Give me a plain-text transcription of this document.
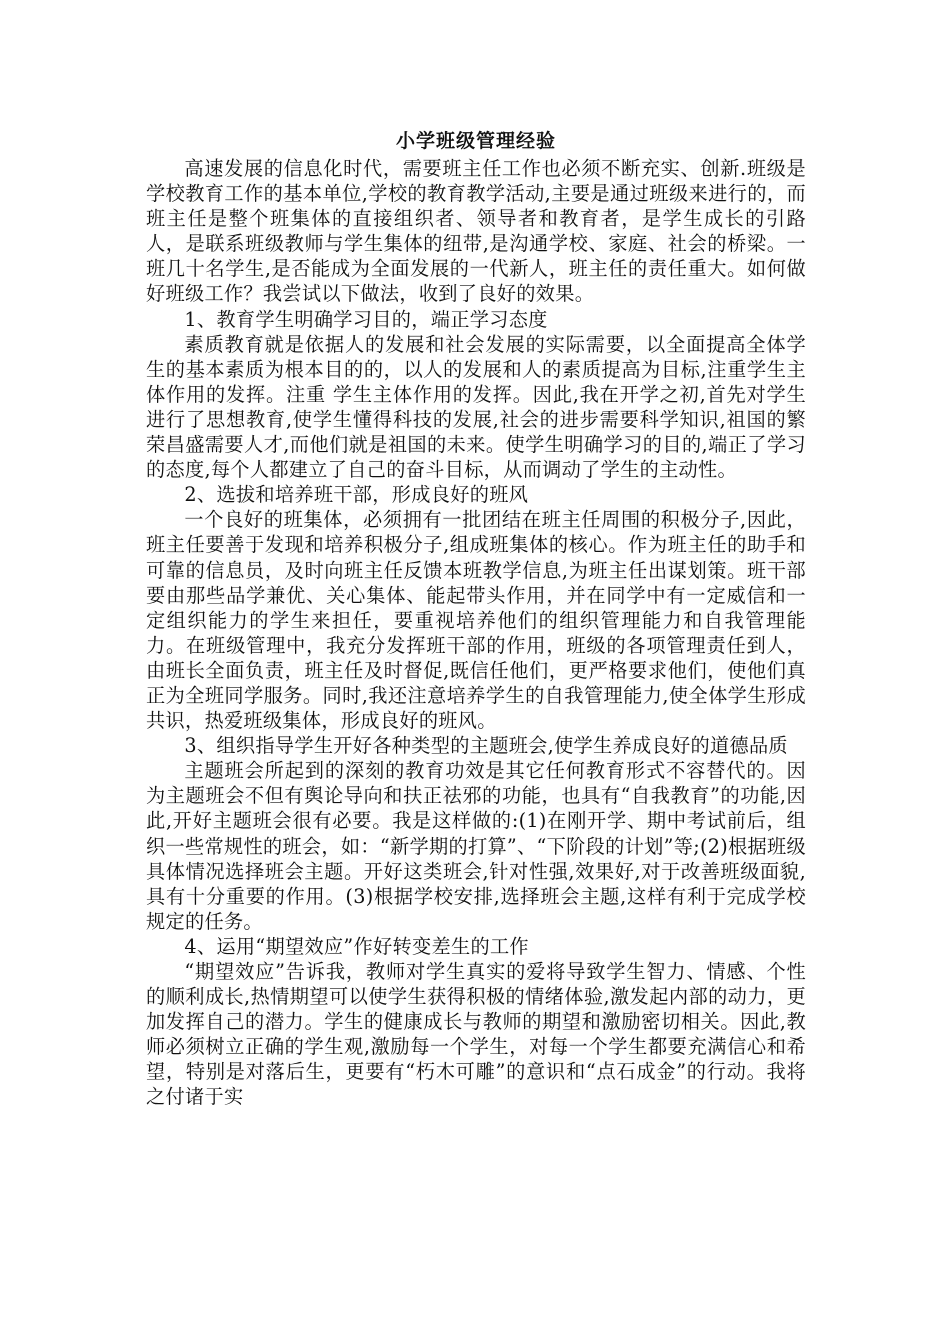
小学班级管理经验

高速发展的信息化时代，需要班主任工作也必须不断充实、创新.班级是学校教育工作的基本单位,学校的教育教学活动,主要是通过班级来进行的，而班主任是整个班集体的直接组织者、领导者和教育者，是学生成长的引路人，是联系班级教师与学生集体的纽带,是沟通学校、家庭、社会的桥梁。一班几十名学生,是否能成为全面发展的一代新人，班主任的责任重大。如何做好班级工作？我尝试以下做法，收到了良好的效果。

1、教育学生明确学习目的，端正学习态度

素质教育就是依据人的发展和社会发展的实际需要，以全面提高全体学生的基本素质为根本目的的，以人的发展和人的素质提高为目标,注重学生主体作用的发挥。注重 学生主体作用的发挥。因此,我在开学之初,首先对学生进行了思想教育,使学生懂得科技的发展,社会的进步需要科学知识,祖国的繁荣昌盛需要人才,而他们就是祖国的未来。使学生明确学习的目的,端正了学习的态度,每个人都建立了自己的奋斗目标，从而调动了学生的主动性。

2、选拔和培养班干部，形成良好的班风

一个良好的班集体，必须拥有一批团结在班主任周围的积极分子,因此，班主任要善于发现和培养积极分子,组成班集体的核心。作为班主任的助手和可靠的信息员，及时向班主任反馈本班教学信息,为班主任出谋划策。班干部要由那些品学兼优、关心集体、能起带头作用，并在同学中有一定威信和一定组织能力的学生来担任，要重视培养他们的组织管理能力和自我管理能力。在班级管理中，我充分发挥班干部的作用，班级的各项管理责任到人，由班长全面负责，班主任及时督促,既信任他们，更严格要求他们，使他们真正为全班同学服务。同时,我还注意培养学生的自我管理能力,使全体学生形成共识，热爱班级集体，形成良好的班风。

3、组织指导学生开好各种类型的主题班会,使学生养成良好的道德品质

主题班会所起到的深刻的教育功效是其它任何教育形式不容替代的。因为主题班会不但有舆论导向和扶正祛邪的功能，也具有“自我教育”的功能,因此,开好主题班会很有必要。我是这样做的:(1)在刚开学、期中考试前后，组织一些常规性的班会，如：“新学期的打算”、“下阶段的计划”等;(2)根据班级具体情况选择班会主题。开好这类班会,针对性强,效果好,对于改善班级面貌,具有十分重要的作用。(3)根据学校安排,选择班会主题,这样有利于完成学校规定的任务。

4、运用“期望效应”作好转变差生的工作

“期望效应”告诉我，教师对学生真实的爱将导致学生智力、情感、个性的顺利成长,热情期望可以使学生获得积极的情绪体验,激发起内部的动力，更加发挥自己的潜力。学生的健康成长与教师的期望和激励密切相关。因此,教师必须树立正确的学生观,激励每一个学生，对每一个学生都要充满信心和希望，特别是对落后生，更要有“朽木可雕”的意识和“点石成金”的行动。我将之付诸于实
